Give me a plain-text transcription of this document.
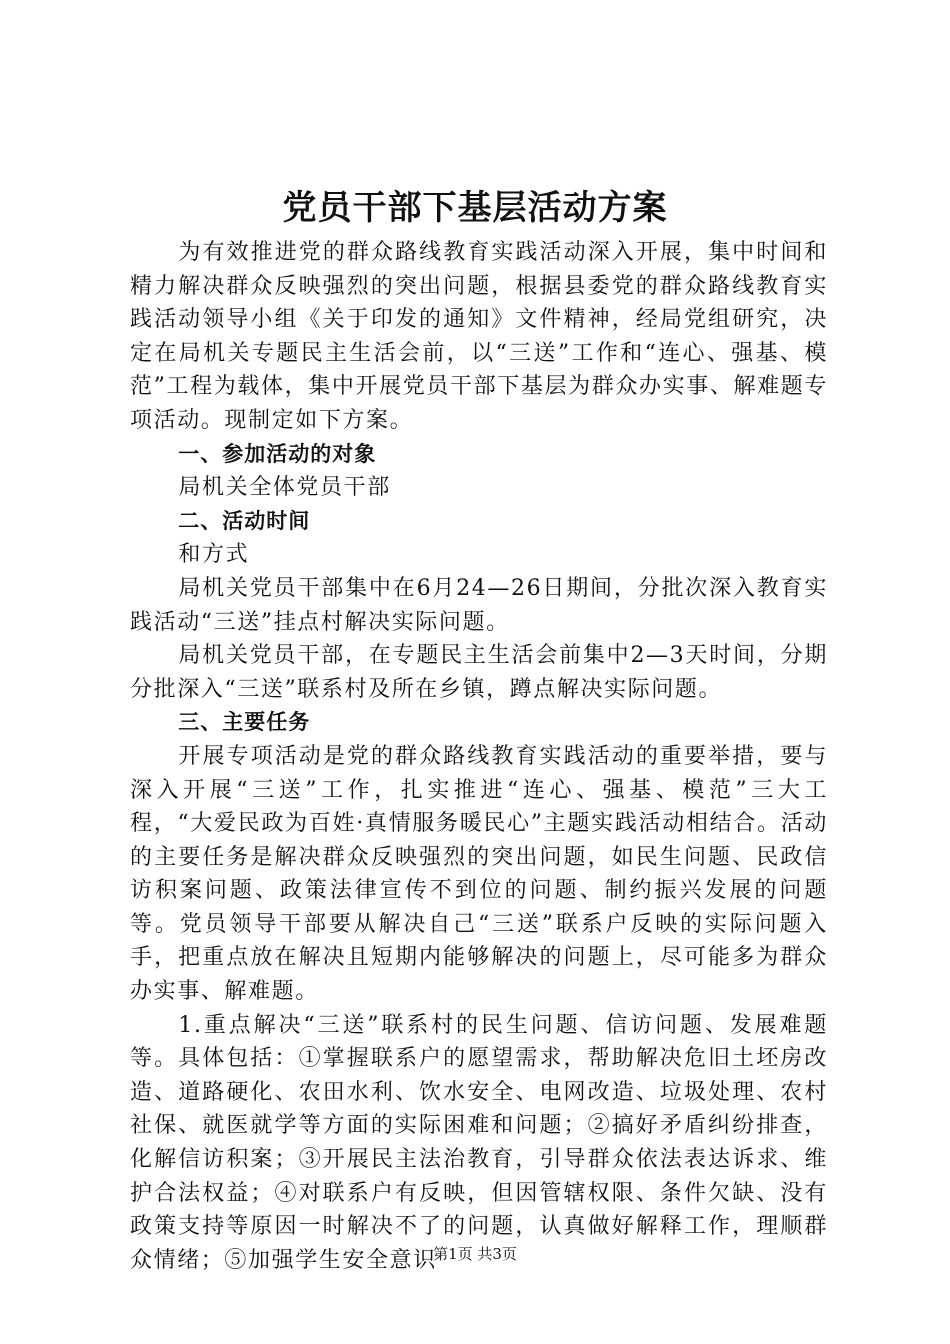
党员干部下基层活动方案

为有效推进党的群众路线教育实践活动深入开展，集中时间和精力解决群众反映强烈的突出问题，根据县委党的群众路线教育实践活动领导小组《关于印发的通知》文件精神，经局党组研究，决定在局机关专题民主生活会前，以“三送”工作和“连心、强基、模范”工程为载体，集中开展党员干部下基层为群众办实事、解难题专项活动。现制定如下方案。

一、参加活动的对象

局机关全体党员干部

二、活动时间

和方式

局机关党员干部集中在6月24—26日期间，分批次深入教育实践活动“三送”挂点村解决实际问题。

局机关党员干部，在专题民主生活会前集中2—3天时间，分期分批深入“三送”联系村及所在乡镇，蹲点解决实际问题。

三、主要任务

开展专项活动是党的群众路线教育实践活动的重要举措，要与深入开展“三送”工作，扎实推进“连心、强基、模范”三大工程，“大爱民政为百姓·真情服务暖民心”主题实践活动相结合。活动的主要任务是解决群众反映强烈的突出问题，如民生问题、民政信访积案问题、政策法律宣传不到位的问题、制约振兴发展的问题等。党员领导干部要从解决自己“三送”联系户反映的实际问题入手，把重点放在解决且短期内能够解决的问题上，尽可能多为群众办实事、解难题。

1.重点解决“三送”联系村的民生问题、信访问题、发展难题等。具体包括：①掌握联系户的愿望需求，帮助解决危旧土坯房改造、道路硬化、农田水利、饮水安全、电网改造、垃圾处理、农村社保、就医就学等方面的实际困难和问题；②搞好矛盾纠纷排查，化解信访积案；③开展民主法治教育，引导群众依法表达诉求、维护合法权益；④对联系户有反映，但因管辖权限、条件欠缺、没有政策支持等原因一时解决不了的问题，认真做好解释工作，理顺群众情绪；⑤加强学生安全意识

第1页 共3页
